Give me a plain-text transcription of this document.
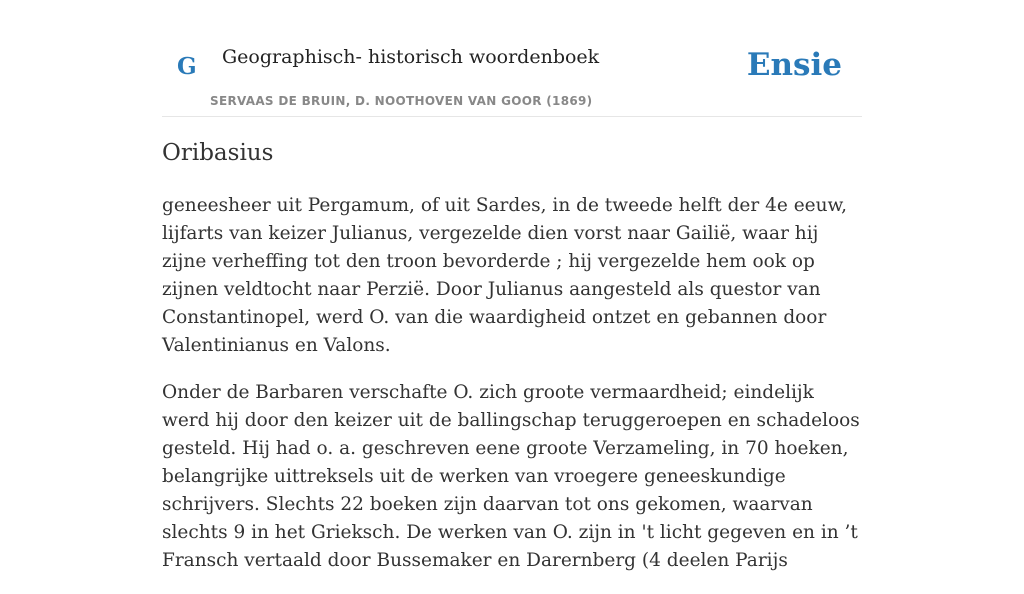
G Geographisch- historisch woordenboek
SERVAAS DE BRUIN, D. NOOTHOVEN VAN GOOR (1869)
Ensie
Oribasius

geneesheer uit Pergamum, of uit Sardes, in de tweede helft der 4e eeuw, lijfarts van keizer Julianus, vergezelde dien vorst naar Gailië, waar hij zijne verheffing tot den troon bevorderde ; hij vergezelde hem ook op zijnen veldtocht naar Perzië. Door Julianus aangesteld als questor van Constantinopel, werd O. van die waardigheid ontzet en gebannen door Valentinianus en Valons.

Onder de Barbaren verschafte O. zich groote vermaardheid; eindelijk werd hij door den keizer uit de ballingschap teruggeroepen en schadeloos gesteld. Hij had o. a. geschreven eene groote Verzameling, in 70 hoeken, belangrijke uittreksels uit de werken van vroegere geneeskundige schrijvers. Slechts 22 boeken zijn daarvan tot ons gekomen, waarvan slechts 9 in het Grieksch. De werken van O. zijn in 't licht gegeven en in ’t Fransch vertaald door Bussemaker en Darernberg (4 deelen Parijs
